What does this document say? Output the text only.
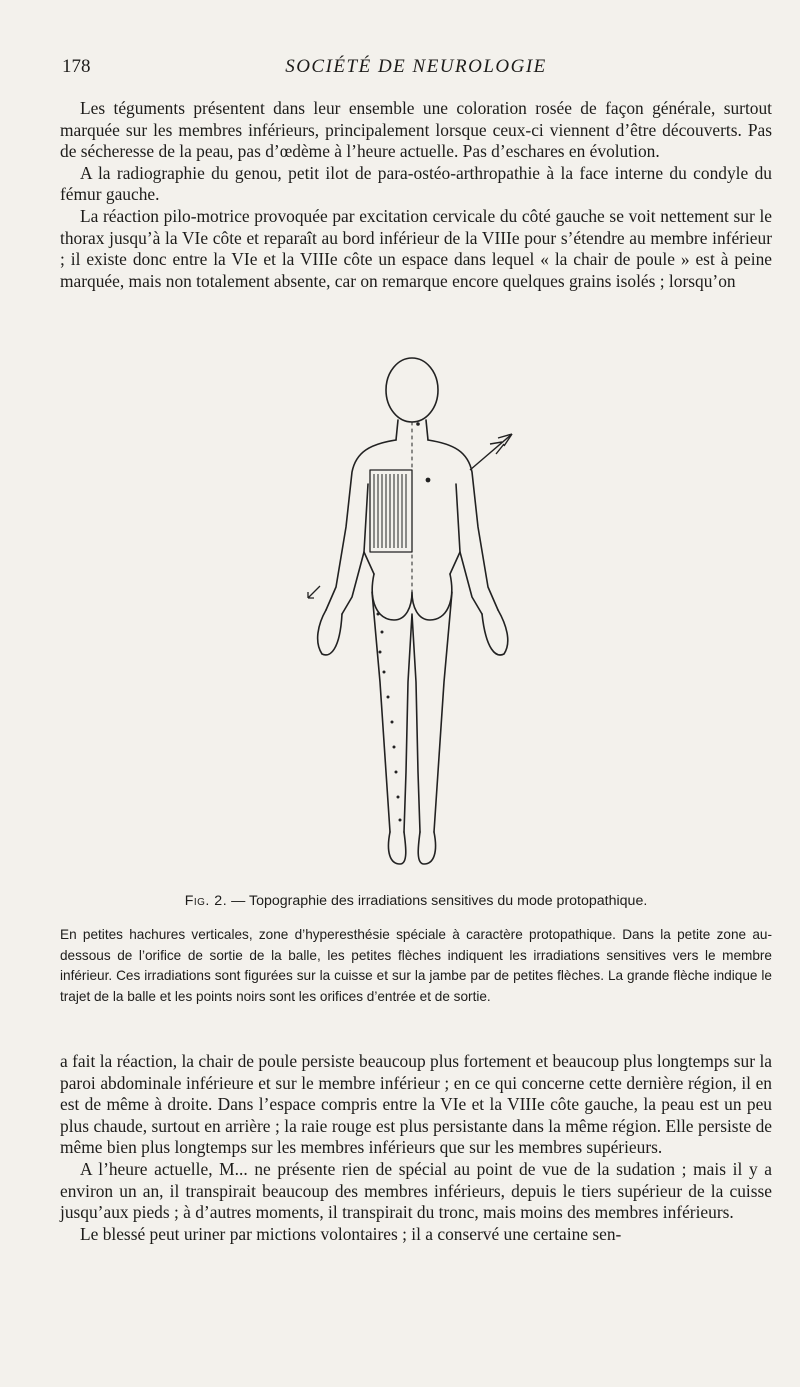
178	SOCIÉTÉ DE NEUROLOGIE

Les téguments présentent dans leur ensemble une coloration rosée de façon générale, surtout marquée sur les membres inférieurs, principalement lorsque ceux-ci viennent d’être découverts. Pas de sécheresse de la peau, pas d’œdème à l’heure actuelle. Pas d’eschares en évolution.

A la radiographie du genou, petit ilot de para-ostéo-arthropathie à la face interne du condyle du fémur gauche.

La réaction pilo-motrice provoquée par excitation cervicale du côté gauche se voit nettement sur le thorax jusqu’à la VIe côte et reparaît au bord inférieur de la VIIIe pour s’étendre au membre inférieur ; il existe donc entre la VIe et la VIIIe côte un espace dans lequel « la chair de poule » est à peine marquée, mais non totalement absente, car on remarque encore quelques grains isolés ; lorsqu’on

Fig. 2. — Topographie des irradiations sensitives du mode protopathique.

En petites hachures verticales, zone d’hyperesthésie spéciale à caractère protopathique. Dans la petite zone au-dessous de l’orifice de sortie de la balle, les petites flèches indiquent les irradiations sensitives vers le membre inférieur. Ces irradiations sont figurées sur la cuisse et sur la jambe par de petites flèches. La grande flèche indique le trajet de la balle et les points noirs sont les orifices d’entrée et de sortie.

a fait la réaction, la chair de poule persiste beaucoup plus fortement et beaucoup plus longtemps sur la paroi abdominale inférieure et sur le membre inférieur ; en ce qui concerne cette dernière région, il en est de même à droite. Dans l’espace compris entre la VIe et la VIIIe côte gauche, la peau est un peu plus chaude, surtout en arrière ; la raie rouge est plus persistante dans la même région. Elle persiste de même bien plus longtemps sur les membres inférieurs que sur les membres supérieurs.

A l’heure actuelle, M... ne présente rien de spécial au point de vue de la sudation ; mais il y a environ un an, il transpirait beaucoup des membres inférieurs, depuis le tiers supérieur de la cuisse jusqu’aux pieds ; à d’autres moments, il transpirait du tronc, mais moins des membres inférieurs.

Le blessé peut uriner par mictions volontaires ; il a conservé une certaine sen-
